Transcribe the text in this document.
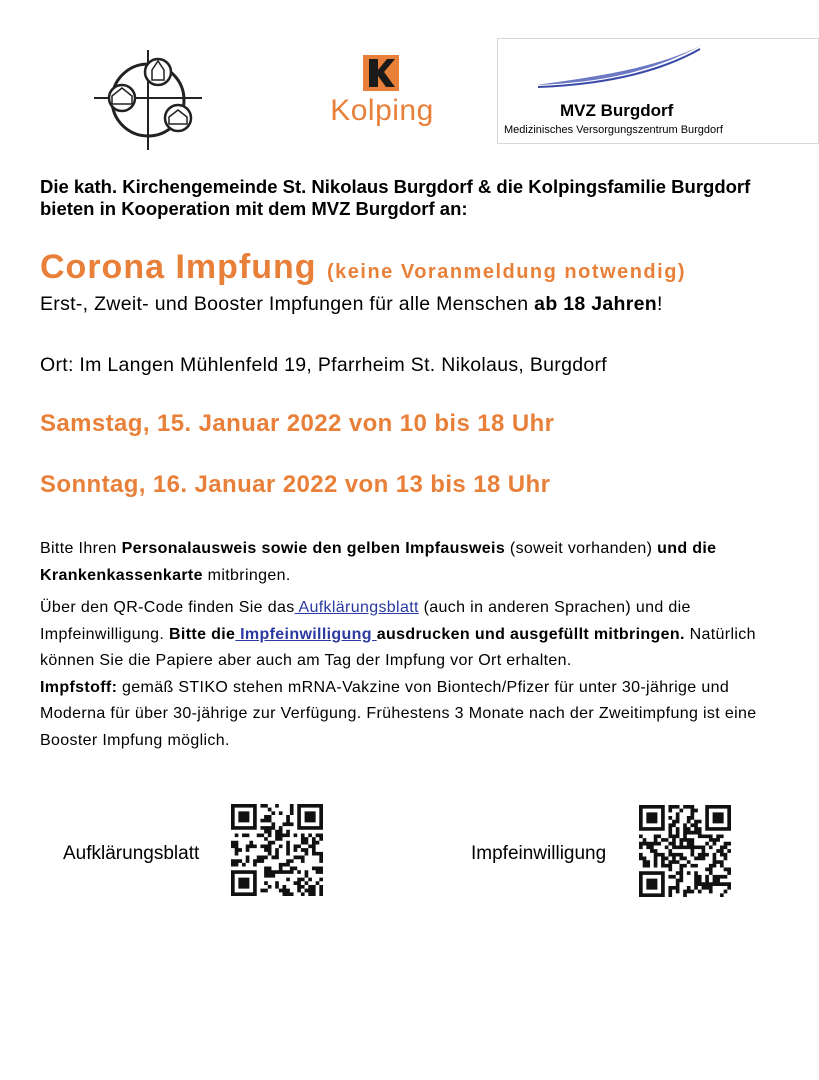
Kolping	MVZ Burgdorf
Medizinisches Versorgungszentrum Burgdorf
Die kath. Kirchengemeinde St. Nikolaus Burgdorf & die Kolpingsfamilie Burgdorf bieten in Kooperation mit dem MVZ Burgdorf an:
Corona Impfung (keine Voranmeldung notwendig)
Erst-, Zweit- und Booster Impfungen für alle Menschen ab 18 Jahren!
Ort: Im Langen Mühlenfeld 19, Pfarrheim St. Nikolaus, Burgdorf
Samstag, 15. Januar 2022 von 10 bis 18 Uhr
Sonntag, 16. Januar 2022 von 13 bis 18 Uhr
Bitte Ihren Personalausweis sowie den gelben Impfausweis (soweit vorhanden) und die Krankenkassenkarte mitbringen.
Über den QR-Code finden Sie das Aufklärungsblatt (auch in anderen Sprachen) und die Impfeinwilligung. Bitte die Impfeinwilligung ausdrucken und ausgefüllt mitbringen. Natürlich können Sie die Papiere aber auch am Tag der Impfung vor Ort erhalten.
Impfstoff: gemäß STIKO stehen mRNA-Vakzine von Biontech/Pfizer für unter 30-jährige und Moderna für über 30-jährige zur Verfügung. Frühestens 3 Monate nach der Zweitimpfung ist eine Booster Impfung möglich.
Aufklärungsblatt	Impfeinwilligung
